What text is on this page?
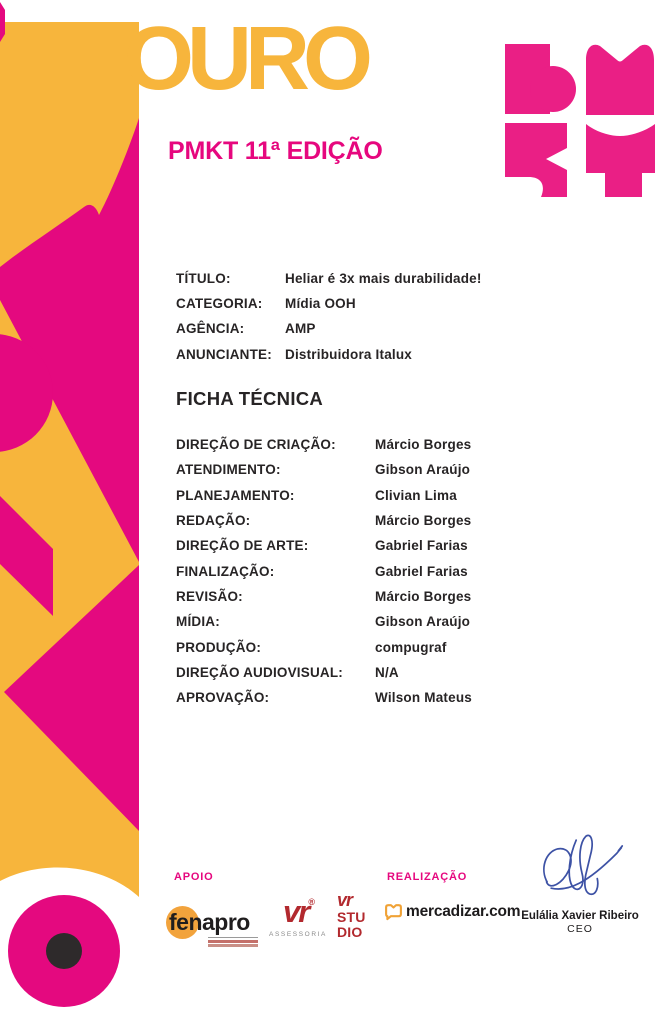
OURO
PMKT 11ª EDIÇÃO
TÍTULO:	Heliar é 3x mais durabilidade!
CATEGORIA:	Mídia OOH
AGÊNCIA:	AMP
ANUNCIANTE: Distribuidora Italux
FICHA TÉCNICA
DIREÇÃO DE CRIAÇÃO:	Márcio Borges
ATENDIMENTO:	Gibson Araújo
PLANEJAMENTO:	Clivian Lima
REDAÇÃO:	Márcio Borges
DIREÇÃO DE ARTE:	Gabriel Farias
FINALIZAÇÃO:	Gabriel Farias
REVISÃO:	Márcio Borges
MÍDIA:	Gibson Araújo
PRODUÇÃO:	compugraf
DIREÇÃO AUDIOVISUAL:	N/A
APROVAÇÃO:	Wilson Mateus
APOIO	REALIZAÇÃO
fenapro	vr®
ASSESSORIA
vr
STU
DIO
mercadizar.com Eulália Xavier Ribeiro
CEO
